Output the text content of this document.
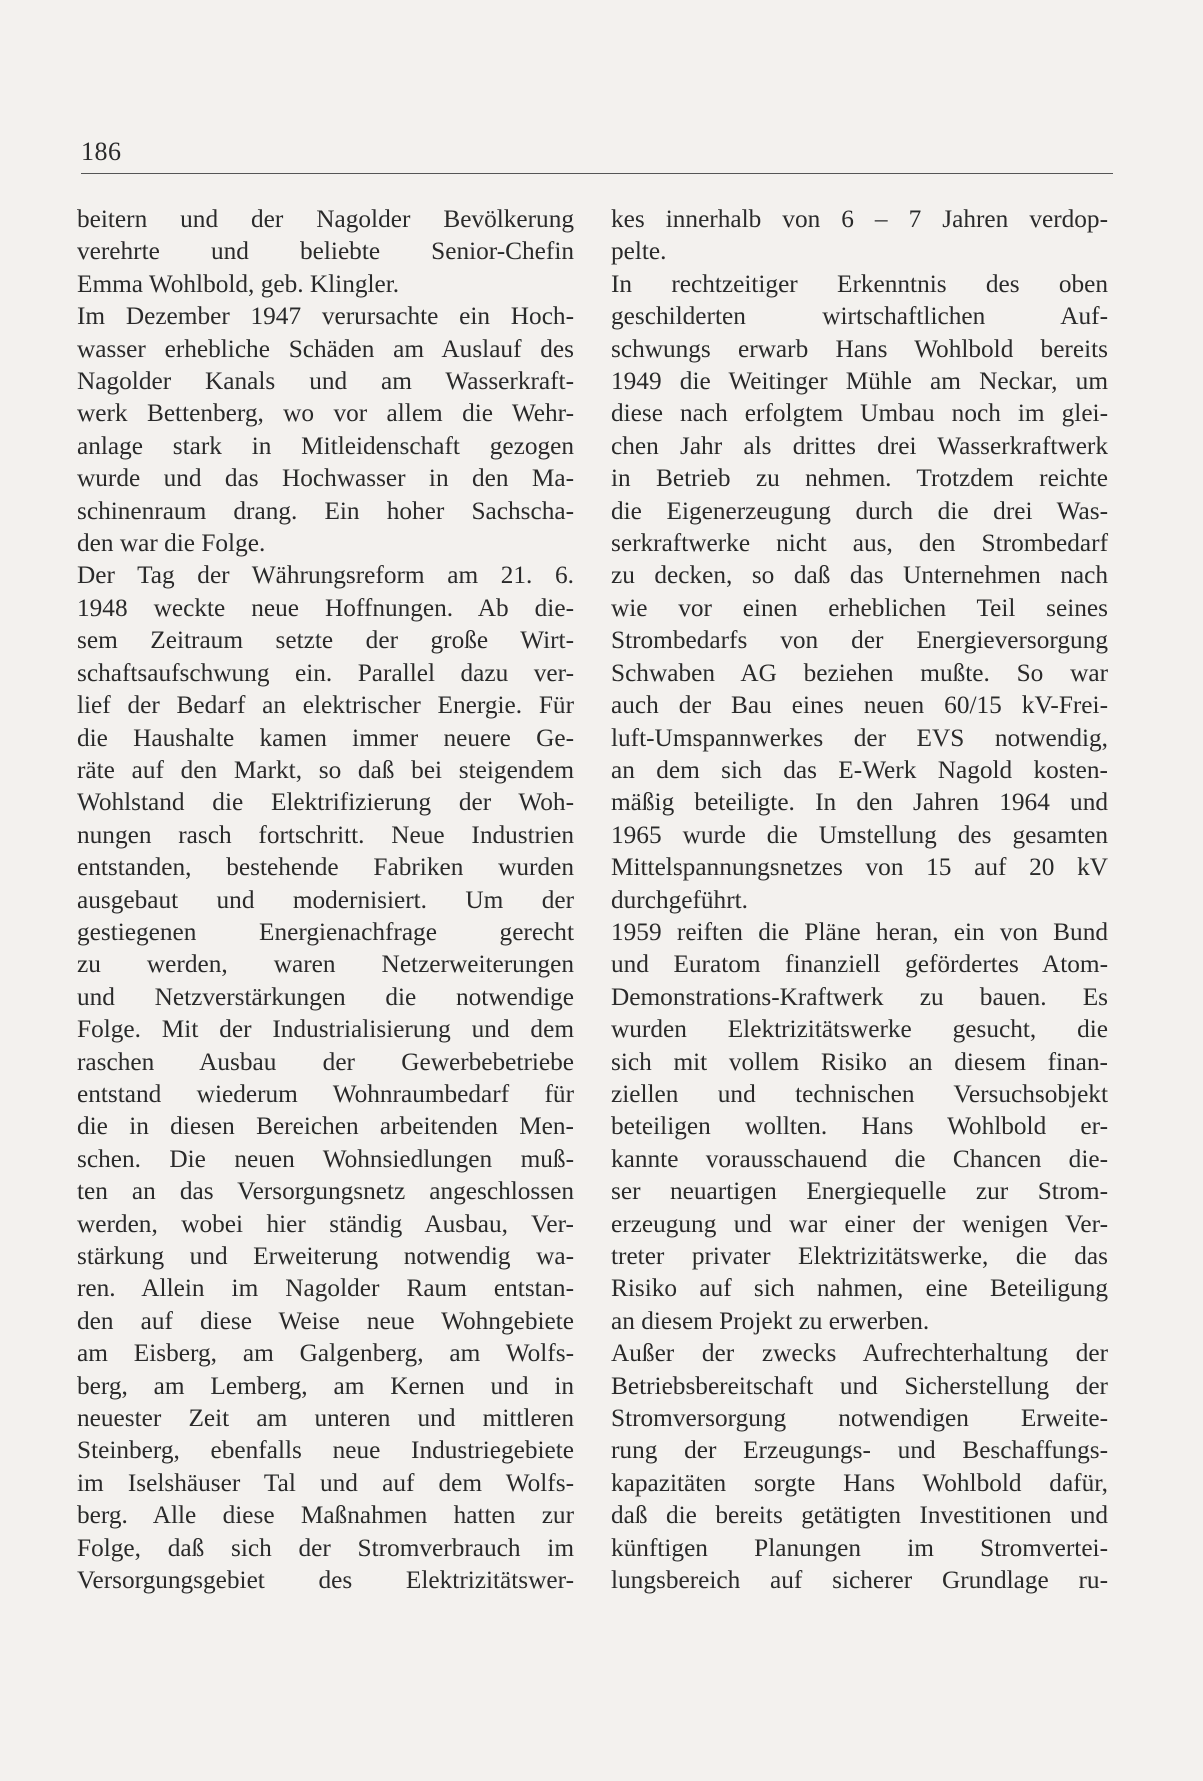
186
beitern und der Nagolder Bevölkerung
verehrte und beliebte Senior-Chefin
Emma Wohlbold, geb. Klingler.
Im Dezember 1947 verursachte ein Hoch-
wasser erhebliche Schäden am Auslauf des
Nagolder Kanals und am Wasserkraft-
werk Bettenberg, wo vor allem die Wehr-
anlage stark in Mitleidenschaft gezogen
wurde und das Hochwasser in den Ma-
schinenraum drang. Ein hoher Sachscha-
den war die Folge.
Der Tag der Währungsreform am 21. 6.
1948 weckte neue Hoffnungen. Ab die-
sem Zeitraum setzte der große Wirt-
schaftsaufschwung ein. Parallel dazu ver-
lief der Bedarf an elektrischer Energie. Für
die Haushalte kamen immer neuere Ge-
räte auf den Markt, so daß bei steigendem
Wohlstand die Elektrifizierung der Woh-
nungen rasch fortschritt. Neue Industrien
entstanden, bestehende Fabriken wurden
ausgebaut und modernisiert. Um der
gestiegenen Energienachfrage gerecht
zu werden, waren Netzerweiterungen
und Netzverstärkungen die notwendige
Folge. Mit der Industrialisierung und dem
raschen Ausbau der Gewerbebetriebe
entstand wiederum Wohnraumbedarf für
die in diesen Bereichen arbeitenden Men-
schen. Die neuen Wohnsiedlungen muß-
ten an das Versorgungsnetz angeschlossen
werden, wobei hier ständig Ausbau, Ver-
stärkung und Erweiterung notwendig wa-
ren. Allein im Nagolder Raum entstan-
den auf diese Weise neue Wohngebiete
am Eisberg, am Galgenberg, am Wolfs-
berg, am Lemberg, am Kernen und in
neuester Zeit am unteren und mittleren
Steinberg, ebenfalls neue Industriegebiete
im Iselshäuser Tal und auf dem Wolfs-
berg. Alle diese Maßnahmen hatten zur
Folge, daß sich der Stromverbrauch im
Versorgungsgebiet des Elektrizitätswer-
kes innerhalb von 6 – 7 Jahren verdop-
pelte.
In rechtzeitiger Erkenntnis des oben
geschilderten wirtschaftlichen Auf-
schwungs erwarb Hans Wohlbold bereits
1949 die Weitinger Mühle am Neckar, um
diese nach erfolgtem Umbau noch im glei-
chen Jahr als drittes drei Wasserkraftwerk
in Betrieb zu nehmen. Trotzdem reichte
die Eigenerzeugung durch die drei Was-
serkraftwerke nicht aus, den Strombedarf
zu decken, so daß das Unternehmen nach
wie vor einen erheblichen Teil seines
Strombedarfs von der Energieversorgung
Schwaben AG beziehen mußte. So war
auch der Bau eines neuen 60/15 kV-Frei-
luft-Umspannwerkes der EVS notwendig,
an dem sich das E-Werk Nagold kosten-
mäßig beteiligte. In den Jahren 1964 und
1965 wurde die Umstellung des gesamten
Mittelspannungsnetzes von 15 auf 20 kV
durchgeführt.
1959 reiften die Pläne heran, ein von Bund
und Euratom finanziell gefördertes Atom-
Demonstrations-Kraftwerk zu bauen. Es
wurden Elektrizitätswerke gesucht, die
sich mit vollem Risiko an diesem finan-
ziellen und technischen Versuchsobjekt
beteiligen wollten. Hans Wohlbold er-
kannte vorausschauend die Chancen die-
ser neuartigen Energiequelle zur Strom-
erzeugung und war einer der wenigen Ver-
treter privater Elektrizitätswerke, die das
Risiko auf sich nahmen, eine Beteiligung
an diesem Projekt zu erwerben.
Außer der zwecks Aufrechterhaltung der
Betriebsbereitschaft und Sicherstellung der
Stromversorgung notwendigen Erweite-
rung der Erzeugungs- und Beschaffungs-
kapazitäten sorgte Hans Wohlbold dafür,
daß die bereits getätigten Investitionen und
künftigen Planungen im Stromvertei-
lungsbereich auf sicherer Grundlage ru-
